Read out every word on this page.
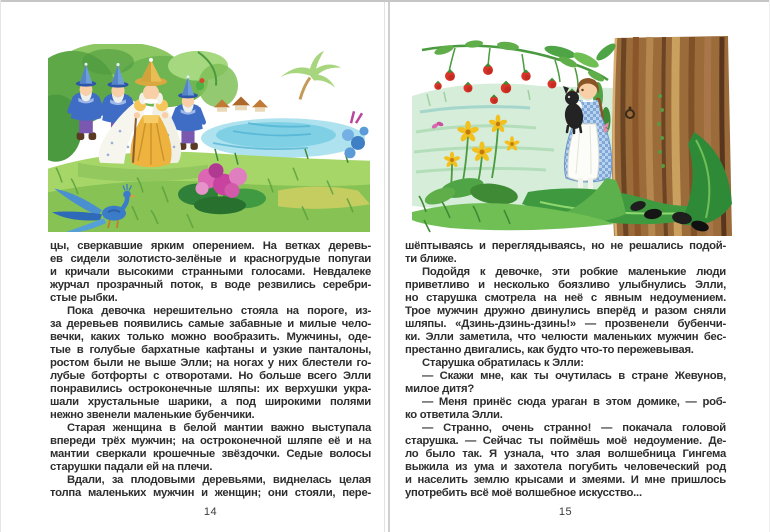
цы, сверкавшие ярким оперением. На ветках деревь-
ев сидели золотисто-зелёные и красногрудые попугаи
и кричали высокими странными голосами. Невдалеке
журчал прозрачный поток, в воде резвились серебри-
стые рыбки.
Пока девочка нерешительно стояла на пороге, из-
за деревьев появились самые забавные и милые чело-
вечки, каких только можно вообразить. Мужчины, оде-
тые в голубые бархатные кафтаны и узкие панталоны,
ростом были не выше Элли; на ногах у них блестели го-
лубые ботфорты с отворотами. Но больше всего Элли
понравились остроконечные шляпы: их верхушки укра-
шали хрустальные шарики, а под широкими полями
нежно звенели маленькие бубенчики.
Старая женщина в белой мантии важно выступала
впереди трёх мужчин; на остроконечной шляпе её и на
мантии сверкали крошечные звёздочки. Седые волосы
старушки падали ей на плечи.
Вдали, за плодовыми деревьями, виднелась целая
толпа маленьких мужчин и женщин; они стояли, пере-
14
шёптываясь и переглядываясь, но не решались подой-
ти ближе.
Подойдя к девочке, эти робкие маленькие люди
приветливо и несколько боязливо улыбнулись Элли,
но старушка смотрела на неё с явным недоумением.
Трое мужчин дружно двинулись вперёд и разом сняли
шляпы. «Дзинь-дзинь-дзинь!» — прозвенели бубенчи-
ки. Элли заметила, что челюсти маленьких мужчин бес-
престанно двигались, как будто что-то пережевывая.
Старушка обратилась к Элли:
— Скажи мне, как ты очутилась в стране Жевунов,
милое дитя?
— Меня принёс сюда ураган в этом домике, — роб-
ко ответила Элли.
— Странно, очень странно! — покачала головой
старушка. — Сейчас ты поймёшь моё недоумение. Де-
ло было так. Я узнала, что злая волшебница Гингема
выжила из ума и захотела погубить человеческий род
и населить землю крысами и змеями. И мне пришлось
употребить всё моё волшебное искусство...
15
